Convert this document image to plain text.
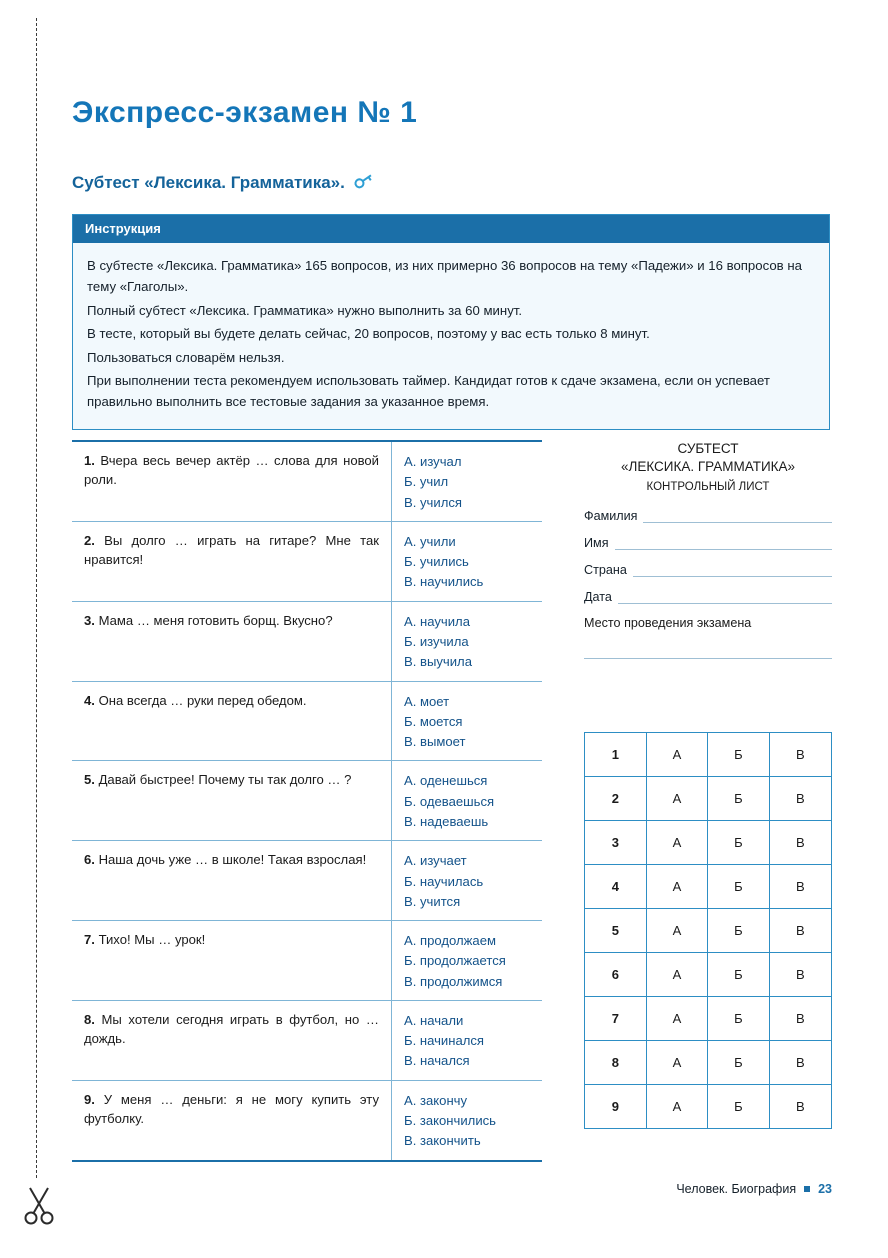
Экспресс-экзамен № 1
Субтест «Лексика. Грамматика».
Инструкция

В субтесте «Лексика. Грамматика» 165 вопросов, из них примерно 36 вопросов на тему «Падежи» и 16 вопросов на тему «Глаголы».

Полный субтест «Лексика. Грамматика» нужно выполнить за 60 минут.

В тесте, который вы будете делать сейчас, 20 вопросов, поэтому у вас есть только 8 минут.

Пользоваться словарём нельзя.

При выполнении теста рекомендуем использовать таймер. Кандидат готов к сдаче экзамена, если он успевает правильно выполнить все тестовые задания за указанное время.

1. Вчера весь вечер актёр … слова для новой роли.
А. изучал
Б. учил
В. учился
2. Вы долго … играть на гитаре? Мне так нравится!
А. учили
Б. учились
В. научились
3. Мама … меня готовить борщ. Вкусно?	А. научила
Б. изучила
В. выучила
4. Она всегда … руки перед обедом.	А. моет
Б. моется
В. вымоет
5. Давай быстрее! Почему ты так долго … ?	А. оденешься
Б. одеваешься
В. надеваешь
6. Наша дочь уже … в школе! Такая взрослая!	А. изучает
Б. научилась
В. учится
7. Тихо! Мы … урок!	А. продолжаем
Б. продолжается
В. продолжимся
8. Мы хотели сегодня играть в футбол, но … дождь.
А. начали
Б. начинался
В. начался
9. У меня … деньги: я не могу купить эту футболку.
А. закончу
Б. закончились
В. закончить
СУБТЕСТ
«ЛЕКСИКА. ГРАММАТИКА»
КОНТРОЛЬНЫЙ ЛИСТ
Фамилия
Имя
Страна
Дата
Место проведения экзамена
1	А	Б	В
2	А	Б	В
3	А	Б	В
4	А	Б	В
5	А	Б	В
6	А	Б	В
7	А	Б	В
8	А	Б	В
9	А	Б	В
Человек. Биография 23
